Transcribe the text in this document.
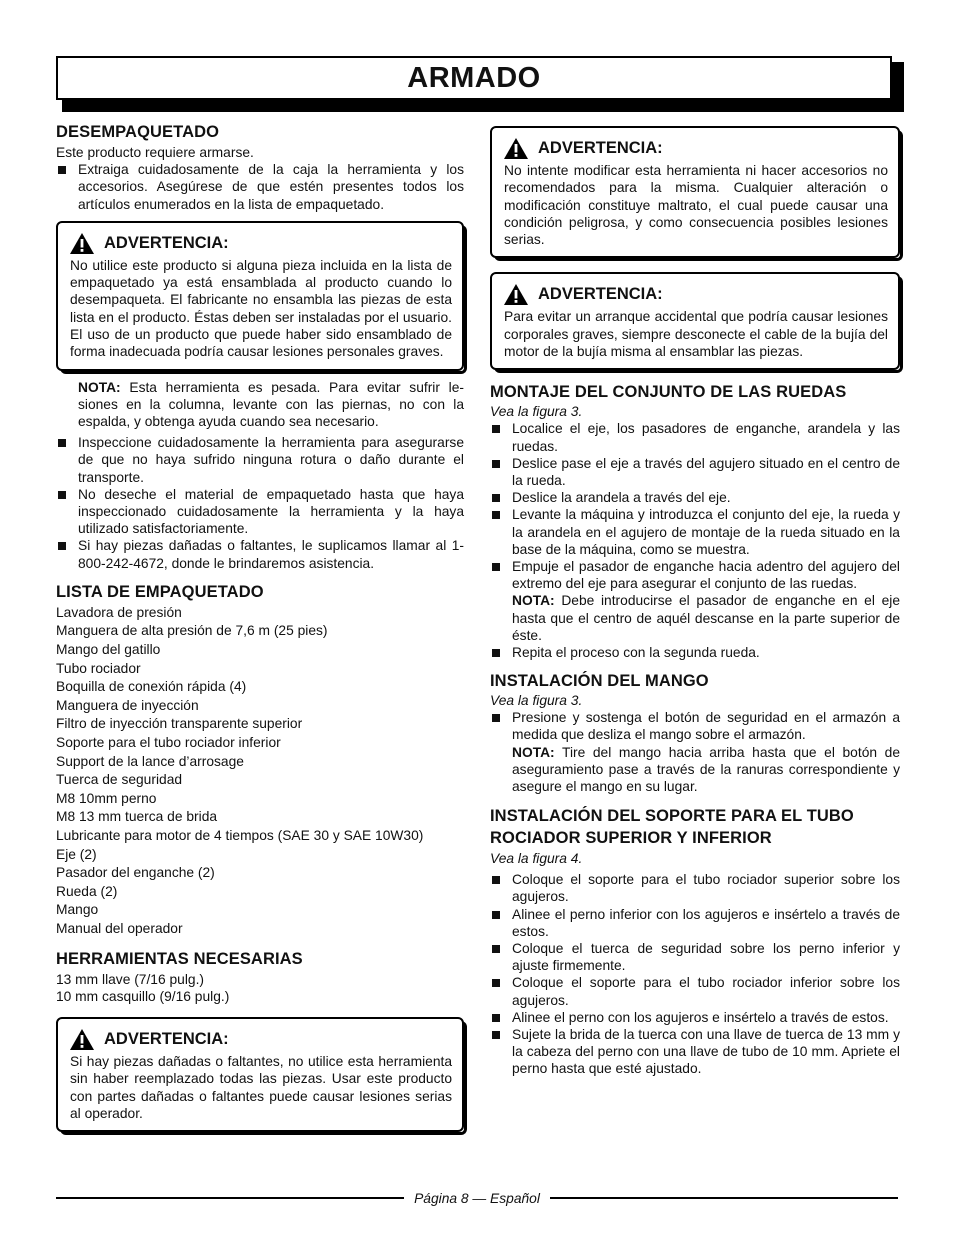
ARMADO
DESEMPAQUETADO

Este producto requiere armarse.

Extraiga cuidadosamente de la caja la herramienta y los accesorios. Asegúrese de que estén presentes todos los artículos enumerados en la lista de empaquetado.
ADVERTENCIA:

No utilice este producto si alguna pieza incluida en la lista de empaquetado ya está ensamblada al producto cuando lo desempaqueta. El fabricante no ensambla las piezas de esta lista en el producto. Éstas deben ser instaladas por el usuario. El uso de un producto que puede haber sido ensamblado de forma inadecuada podría causar lesiones personales graves.

NOTA: Esta herramienta es pesada. Para evitar sufrir le-siones en la columna, levante con las piernas, no con la espalda, y obtenga ayuda cuando sea necesario.
Inspeccione cuidadosamente la herramienta para asegurarse de que no haya sufrido ninguna rotura o daño durante el transporte.
No deseche el material de empaquetado hasta que haya inspeccionado cuidadosamente la herramienta y la haya utilizado satisfactoriamente.
Si hay piezas dañadas o faltantes, le suplicamos llamar al 1-800-242-4672, donde le brindaremos asistencia.
LISTA DE EMPAQUETADO

Lavadora de presión

Manguera de alta presión de 7,6 m (25 pies)

Mango del gatillo

Tubo rociador

Boquilla de conexión rápida (4)

Manguera de inyección

Filtro de inyección transparente superior

Soporte para el tubo rociador inferior

Support de la lance d’arrosage

Tuerca de seguridad

M8 10mm perno

M8 13 mm tuerca de brida

Lubricante para motor de 4 tiempos (SAE 30 y SAE 10W30)

Eje (2)

Pasador del enganche (2)

Rueda (2)

Mango

Manual del operador

HERRAMIENTAS NECESARIAS

13 mm llave (7/16 pulg.)

10 mm casquillo (9/16 pulg.)

ADVERTENCIA:

Si hay piezas dañadas o faltantes, no utilice esta herramienta sin haber reemplazado todas las piezas. Usar este producto con partes dañadas o faltantes puede causar lesiones serias al operador.

ADVERTENCIA:

No intente modificar esta herramienta ni hacer accesorios no recomendados para la misma. Cualquier alteración o modificación constituye maltrato, el cual puede causar una condición peligrosa, y como consecuencia posibles lesiones serias.

ADVERTENCIA:

Para evitar un arranque accidental que podría causar lesiones corporales graves, siempre desconecte el cable de la bujía del motor de la bujía misma al ensamblar las piezas.

MONTAJE DEL CONJUNTO DE LAS RUEDAS

Vea la figura 3.

Localice el eje, los pasadores de enganche, arandela y las ruedas.
Deslice pase el eje a través del agujero situado en el centro de la rueda.
Deslice la arandela a través del eje.
Levante la máquina y introduzca el conjunto del eje, la rueda y la arandela en el agujero de montaje de la rueda situado en la base de la máquina, como se muestra.
Empuje el pasador de enganche hacia adentro del agujero del extremo del eje para asegurar el conjunto de las ruedas.
NOTA: Debe introducirse el pasador de enganche en el eje hasta que el centro de aquél descanse en la parte superior de éste.
Repita el proceso con la segunda rueda.
INSTALACIÓN DEL MANGO

Vea la figura 3.

Presione y sostenga el botón de seguridad en el armazón a medida que desliza el mango sobre el armazón.
NOTA: Tire del mango hacia arriba hasta que el botón de aseguramiento pase a través de la ranuras correspondiente y asegure el mango en su lugar.
INSTALACIÓN DEL SOPORTE PARA EL TUBO ROCIADOR SUPERIOR Y INFERIOR

Vea la figura 4.

Coloque el soporte para el tubo rociador superior sobre los agujeros.
Alinee el perno inferior con los agujeros e insértelo a través de estos.
Coloque el tuerca de seguridad sobre los perno inferior y ajuste firmemente.
Coloque el soporte para el tubo rociador inferior sobre los agujeros.
Alinee el perno con los agujeros e insértelo a través de estos.
Sujete la brida de la tuerca con una llave de tuerca de 13 mm y la cabeza del perno con una llave de tubo de 10 mm. Apriete el perno hasta que esté ajustado.
Página 8 — Español
